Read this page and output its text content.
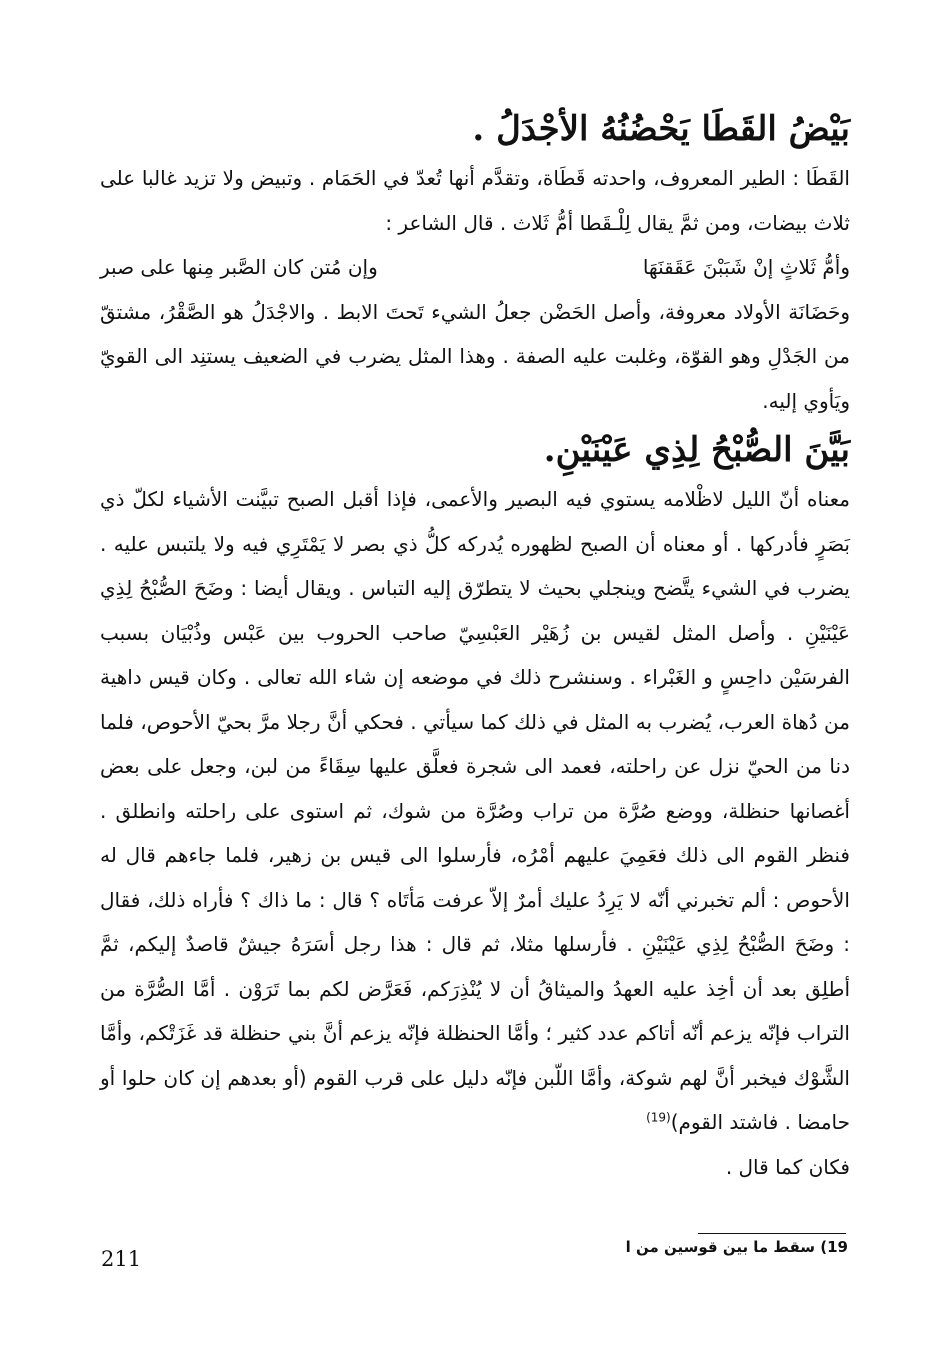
بَيْضُ القَطَا يَحْضُنُهُ الأجْدَلُ .

القَطَا : الطير المعروف، واحدته قَطَاة، وتقدَّم أنها تُعدّ في الحَمَام . وتبيض ولا تزيد غالبا على ثلاث بيضات، ومن ثمَّ يقال لِلْـقَطا أمُّ ثَلاث . قال الشاعر :

وأمُّ ثَلاثٍ إنْ شَبَبْنَ عَقَقنَهَا
وإن مُتن كان الصَّبر مِنها على صبر

وحَضَانَة الأولاد معروفة، وأصل الحَضْن جعلُ الشيء تَحتَ الابط . والاجْدَلُ هو الصَّقْرُ، مشتقّ من الجَدْلِ وهو القوّة، وغلبت عليه الصفة . وهذا المثل يضرب في الضعيف يستنِد الى القويّ ويَأوي إليه.

بَيَّنَ الصُّبْحُ لِذِي عَيْنَيْنِ.

معناه أنّ الليل لاظْلامه يستوي فيه البصير والأعمى، فإذا أقبل الصبح تبيَّنت الأشياء لكلّ ذي بَصَرٍ فأدركها . أو معناه أن الصبح لظهوره يُدركه كلُّ ذي بصر لا يَمْتَرِي فيه ولا يلتبس عليه . يضرب في الشيء يتَّضح وينجلي بحيث لا يتطرّق إليه التباس . ويقال أيضا : وضَحَ الصُّبْحُ لِذِي عَيْنَيْنِ . وأصل المثل لقيس بن زُهَيْر العَبْسِيّ صاحب الحروب بين عَبْس وذُبْيَان بسبب الفرسَيْن داحِسٍ و الغَبْراء . وسنشرح ذلك في موضعه إن شاء الله تعالى . وكان قيس داهية من دُهاة العرب، يُضرب به المثل في ذلك كما سيأتي . فحكي أنَّ رجلا مرَّ بحيّ الأحوص، فلما دنا من الحيّ نزل عن راحلته، فعمد الى شجرة فعلَّق عليها سِقَاءً من لبن، وجعل على بعض أغصانها حنظلة، ووضع صُرَّة من تراب وصُرَّة من شوك، ثم استوى على راحلته وانطلق . فنظر القوم الى ذلك فعَمِيَ عليهم أمْرُه، فأرسلوا الى قيس بن زهير، فلما جاءهم قال له الأحوص : ألم تخبرني أنّه لا يَرِدُ عليك أمرٌ إلاّ عرفت مَأتَاه ؟ قال : ما ذاك ؟ فأراه ذلك، فقال : وضَحَ الصُّبْحُ لِذِي عَيْنَيْنِ . فأرسلها مثلا، ثم قال : هذا رجل أسَرَهُ جيشٌ قاصدٌ إليكم، ثمَّ أطلِق بعد أن أخِذ عليه العهدُ والميثاقُ أن لا يُنْذِرَكم، فَعَرَّض لكم بما تَرَوْن . أمَّا الصُّرَّة من التراب فإنّه يزعم أنّه أتاكم عدد كثير ؛ وأمَّا الحنظلة فإنّه يزعم أنَّ بني حنظلة قد غَزَتْكم، وأمَّا الشَّوْك فيخبر أنَّ لهم شوكة، وأمَّا اللّبن فإنّه دليل على قرب القوم (أو بعدهم إن كان حلوا أو حامضا . فاشتد القوم)$^{(19)}$

فكان كما قال .

19) سقط ما بين قوسين من ا
211
